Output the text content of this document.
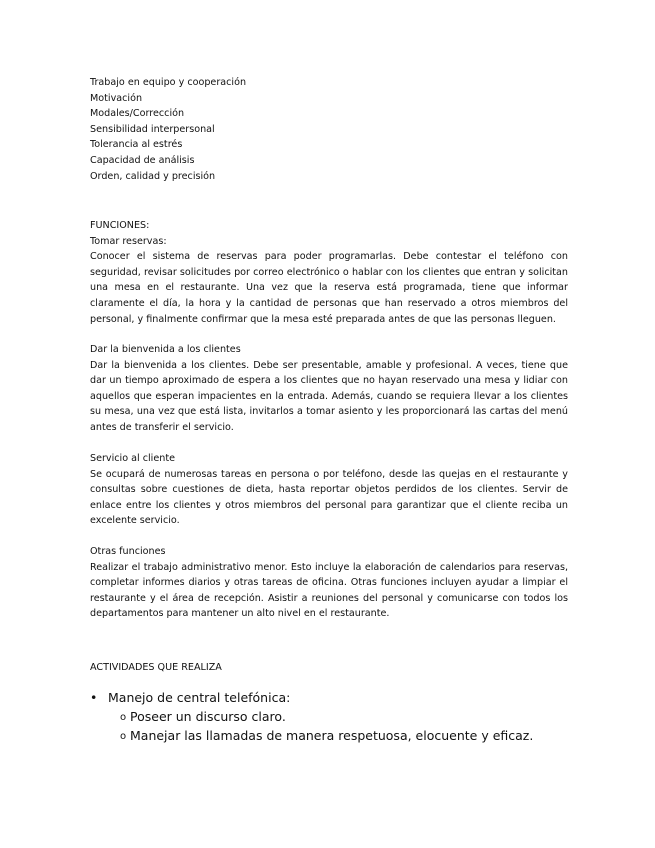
Trabajo en equipo y cooperación
Motivación
Modales/Corrección
Sensibilidad interpersonal
Tolerancia al estrés
Capacidad de análisis
Orden, calidad y precisión
FUNCIONES:
Tomar reservas:
Conocer el sistema de reservas para poder programarlas. Debe contestar el teléfono con seguridad, revisar solicitudes por correo electrónico o hablar con los clientes que entran y solicitan una mesa en el restaurante. Una vez que la reserva está programada, tiene que informar claramente el día, la hora y la cantidad de personas que han reservado a otros miembros del personal, y finalmente confirmar que la mesa esté preparada antes de que las personas lleguen.
Dar la bienvenida a los clientes
Dar la bienvenida a los clientes. Debe ser presentable, amable y profesional. A veces, tiene que dar un tiempo aproximado de espera a los clientes que no hayan reservado una mesa y lidiar con aquellos que esperan impacientes en la entrada. Además, cuando se requiera llevar a los clientes su mesa, una vez que está lista, invitarlos a tomar asiento y les proporcionará las cartas del menú antes de transferir el servicio.
Servicio al cliente
Se ocupará de numerosas tareas en persona o por teléfono, desde las quejas en el restaurante y consultas sobre cuestiones de dieta, hasta reportar objetos perdidos de los clientes. Servir de enlace entre los clientes y otros miembros del personal para garantizar que el cliente reciba un excelente servicio.
Otras funciones
Realizar el trabajo administrativo menor. Esto incluye la elaboración de calendarios para reservas, completar informes diarios y otras tareas de oficina. Otras funciones incluyen ayudar a limpiar el restaurante y el área de recepción. Asistir a reuniones del personal y comunicarse con todos los departamentos para mantener un alto nivel en el restaurante.
ACTIVIDADES QUE REALIZA
• Manejo de central telefónica:
o Poseer un discurso claro.
o Manejar las llamadas de manera respetuosa, elocuente y eficaz.
